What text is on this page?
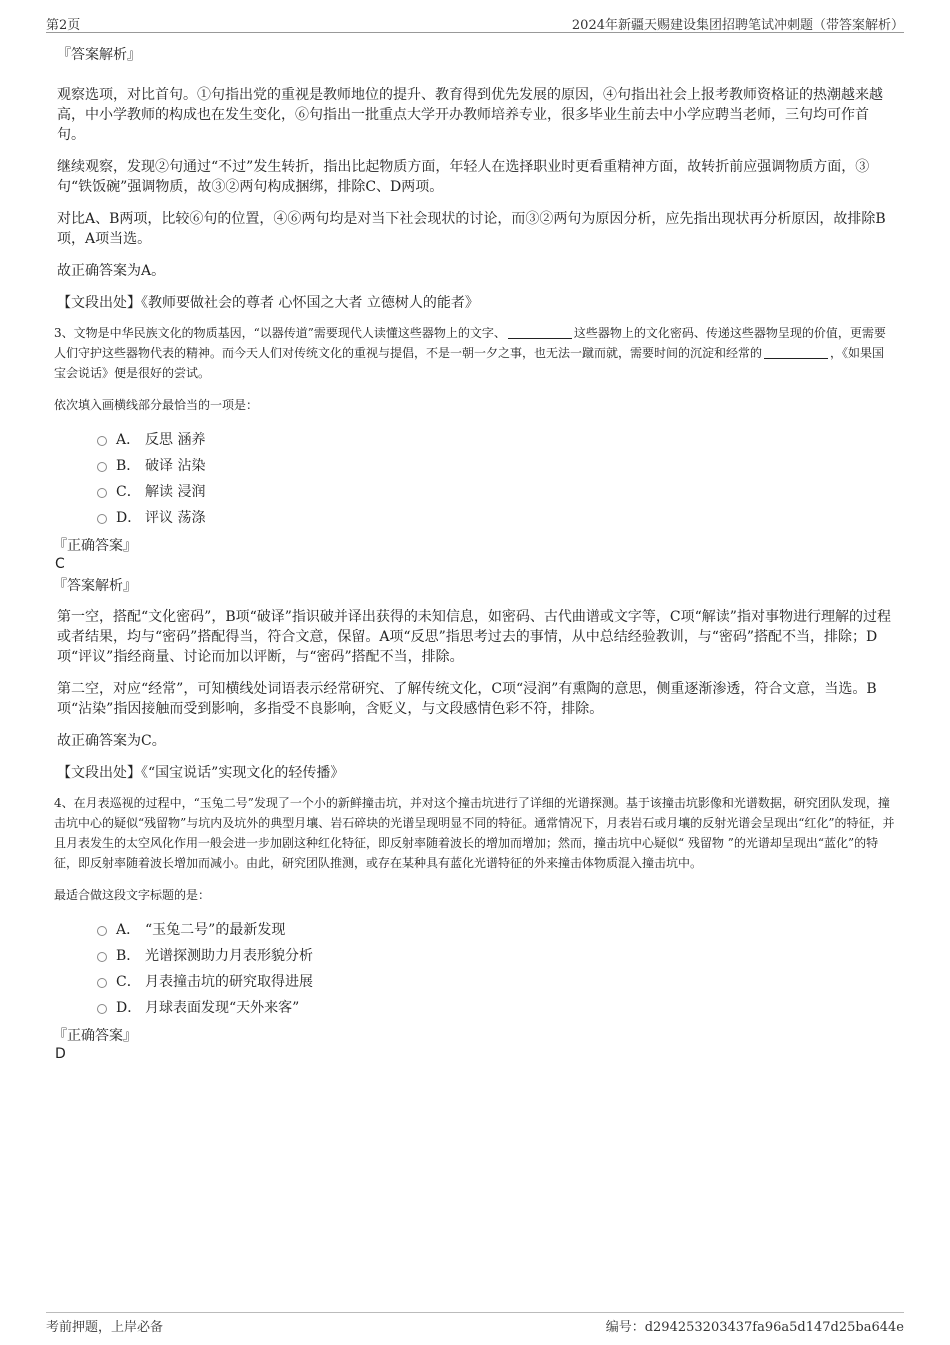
第2页	2024年新疆天赐建设集团招聘笔试冲刺题（带答案解析）
『答案解析』

观察选项，对比首句。①句指出党的重视是教师地位的提升、教育得到优先发展的原因，④句指出社会上报考教师资格证的热潮越来越高，中小学教师的构成也在发生变化，⑥句指出一批重点大学开办教师培养专业，很多毕业生前去中小学应聘当老师，三句均可作首句。

继续观察，发现②句通过“不过”发生转折，指出比起物质方面，年轻人在选择职业时更看重精神方面，故转折前应强调物质方面，③句“铁饭碗”强调物质，故③②两句构成捆绑，排除C、D两项。

对比A、B两项，比较⑥句的位置，④⑥两句均是对当下社会现状的讨论，而③②两句为原因分析，应先指出现状再分析原因，故排除B项，A项当选。

故正确答案为A。

【文段出处】《教师要做社会的尊者 心怀国之大者 立德树人的能者》

3、文物是中华民族文化的物质基因，“以器传道”需要现代人读懂这些器物上的文字、	这些器物上的文化密码、传递这些器物呈现的价值，更需要人们守护这些器物代表的精神。而今天人们对传统文化的重视与提倡，不是一朝一夕之事，也无法一蹴而就，需要时间的沉淀和经常的	，《如果国宝会说话》便是很好的尝试。

依次填入画横线部分最恰当的一项是：

A． 反思 涵养
B． 破译 沾染
C． 解读 浸润
D． 评议 荡涤
『正确答案』
C
『答案解析』

第一空，搭配“文化密码”，B项“破译”指识破并译出获得的未知信息，如密码、古代曲谱或文字等，C项“解读”指对事物进行理解的过程或者结果，均与“密码”搭配得当，符合文意，保留。A项“反思”指思考过去的事情，从中总结经验教训，与“密码”搭配不当，排除；D项“评议”指经商量、讨论而加以评断，与“密码”搭配不当，排除。

第二空，对应“经常”，可知横线处词语表示经常研究、了解传统文化，C项“浸润”有熏陶的意思，侧重逐渐渗透，符合文意，当选。B项“沾染”指因接触而受到影响，多指受不良影响，含贬义，与文段感情色彩不符，排除。

故正确答案为C。

【文段出处】《“国宝说话”实现文化的轻传播》

4、在月表巡视的过程中，“玉兔二号”发现了一个小的新鲜撞击坑，并对这个撞击坑进行了详细的光谱探测。基于该撞击坑影像和光谱数据，研究团队发现，撞击坑中心的疑似“残留物”与坑内及坑外的典型月壤、岩石碎块的光谱呈现明显不同的特征。通常情况下，月表岩石或月壤的反射光谱会呈现出“红化”的特征，并且月表发生的太空风化作用一般会进一步加剧这种红化特征，即反射率随着波长的增加而增加；然而，撞击坑中心疑似“ 残留物 ”的光谱却呈现出“蓝化”的特征，即反射率随着波长增加而减小。由此，研究团队推测，或存在某种具有蓝化光谱特征的外来撞击体物质混入撞击坑中。

最适合做这段文字标题的是：

A． “玉兔二号”的最新发现
B． 光谱探测助力月表形貌分析
C． 月表撞击坑的研究取得进展
D． 月球表面发现“天外来客”
『正确答案』
D
考前押题，上岸必备	编号：d294253203437fa96a5d147d25ba644e
